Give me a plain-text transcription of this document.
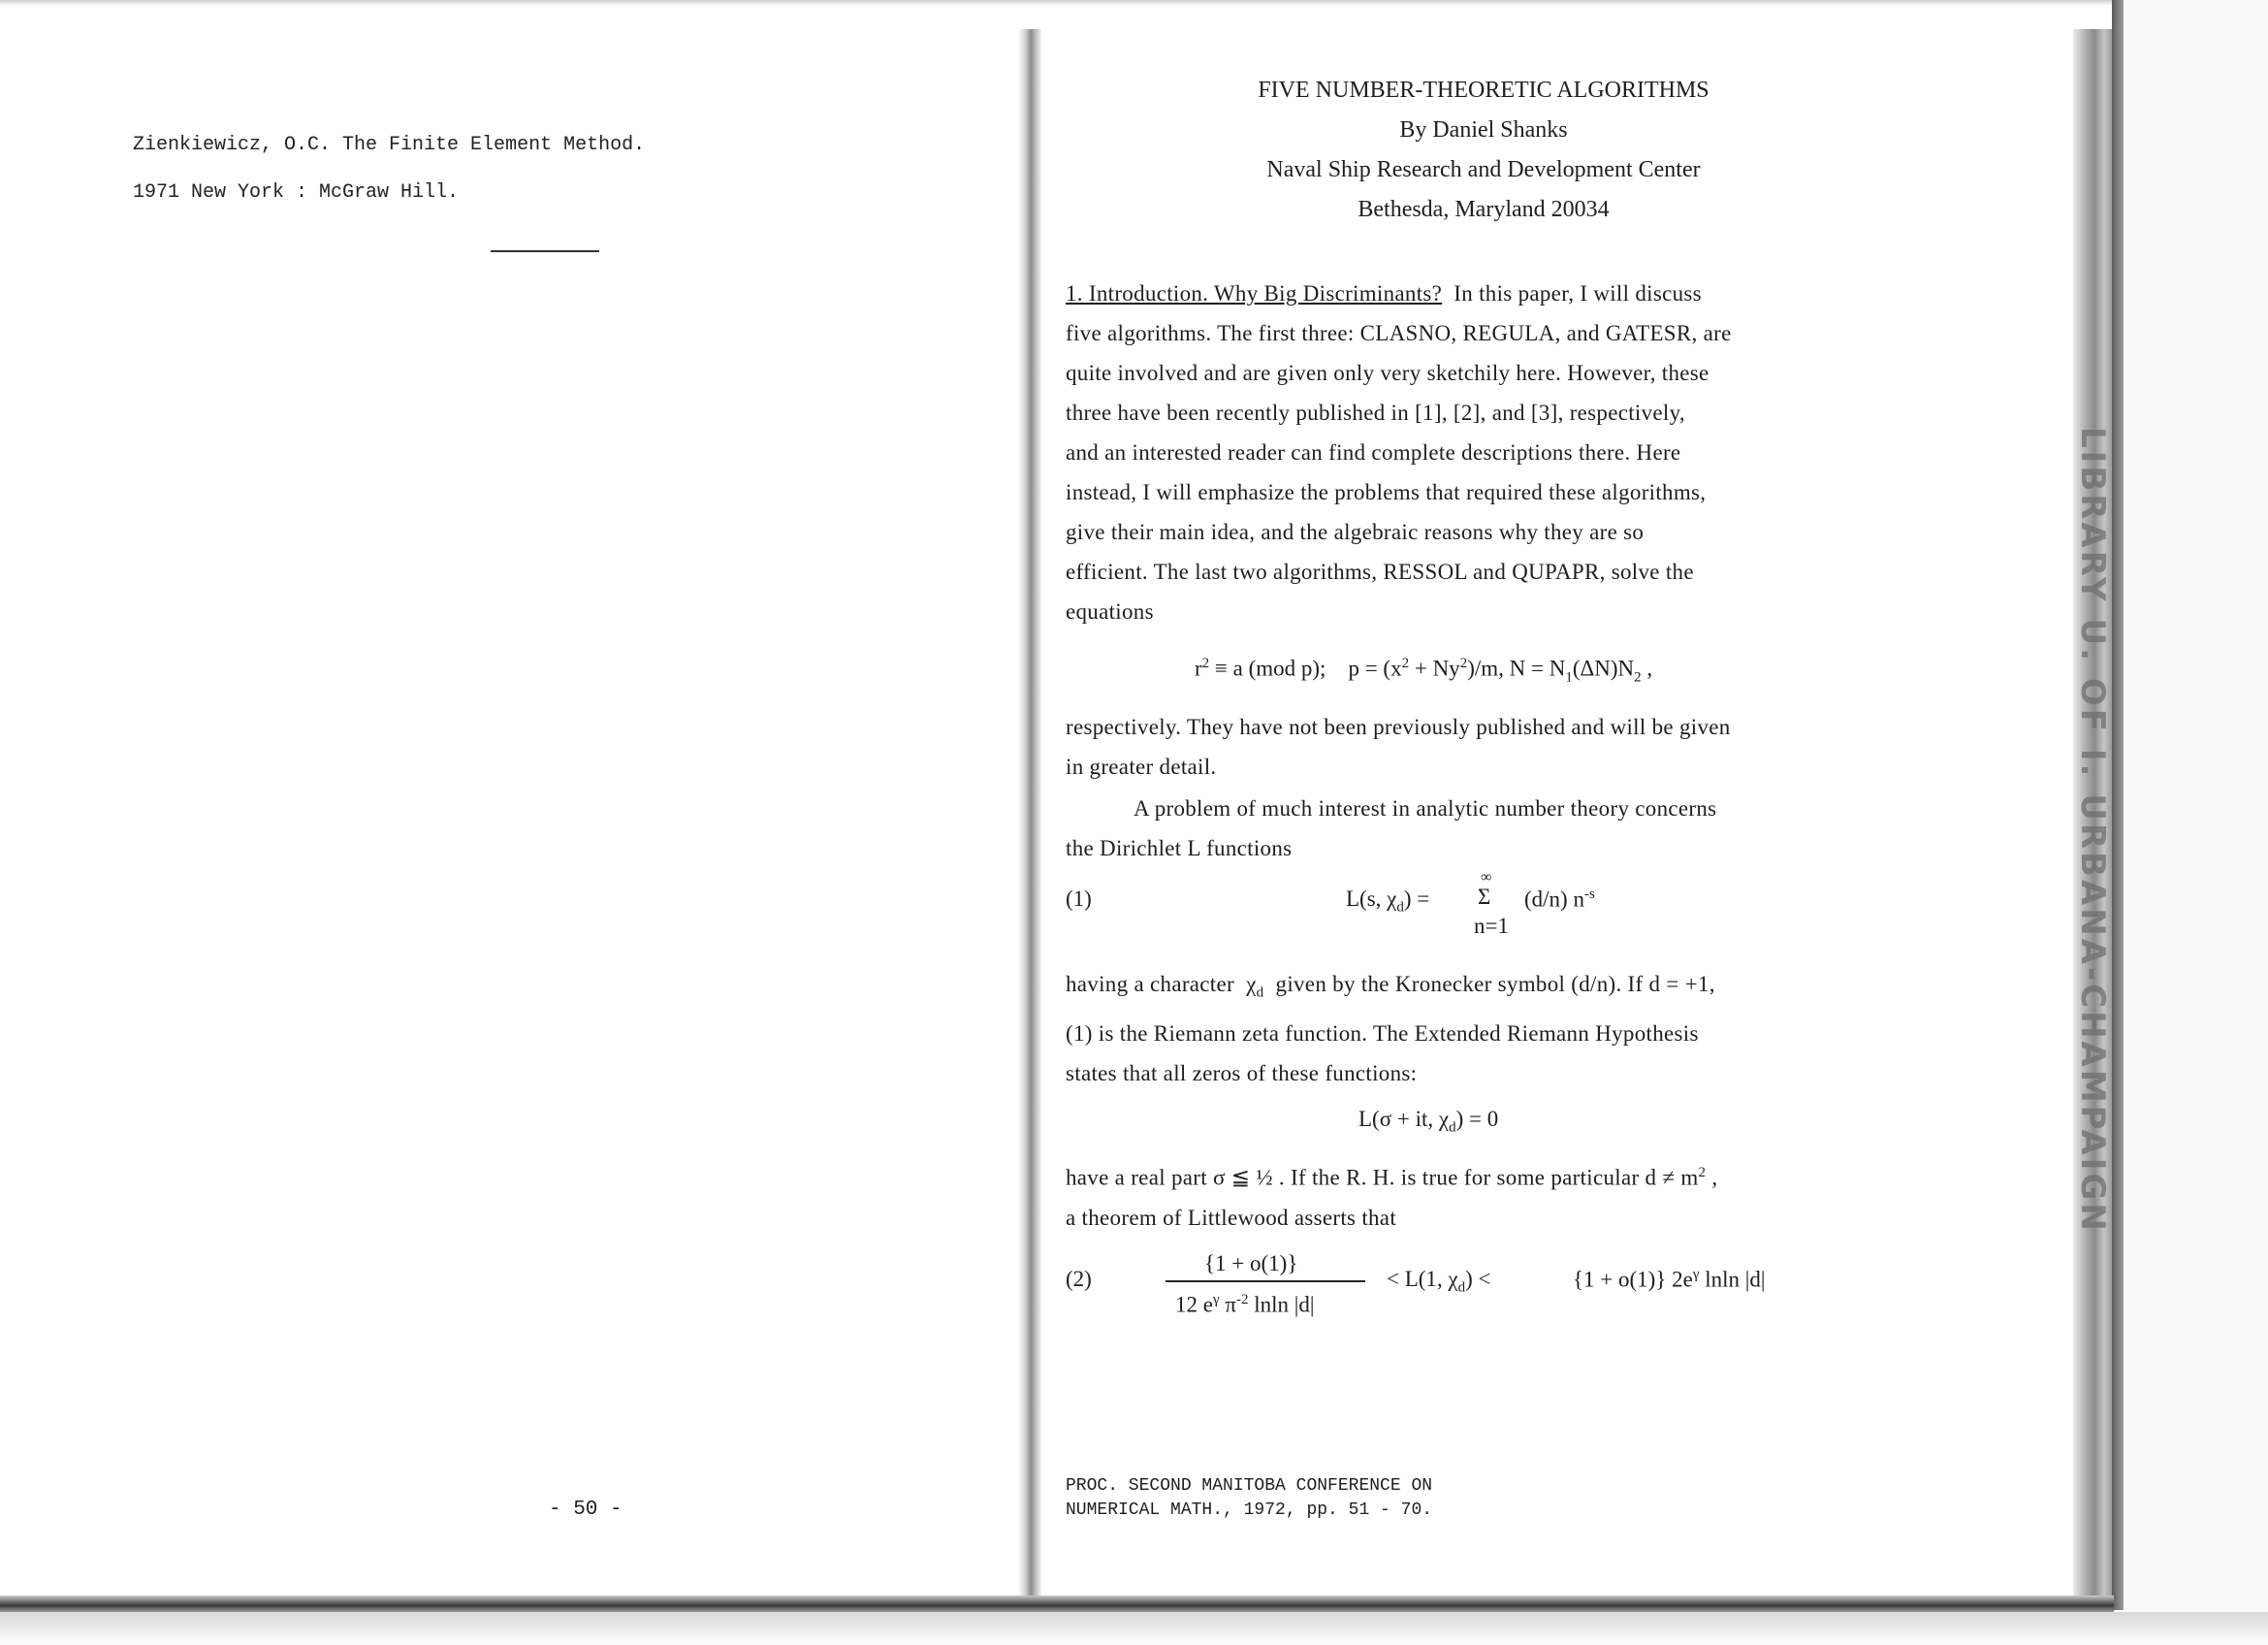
LIBRARY U. OF I. URBANA-CHAMPAIGN
Zienkiewicz, O.C. The Finite Element Method.
1971 New York : McGraw Hill.
- 50 -
FIVE NUMBER-THEORETIC ALGORITHMS
By Daniel Shanks
Naval Ship Research and Development Center
Bethesda, Maryland 20034

1. Introduction. Why Big Discriminants? In this paper, I will discuss

five algorithms. The first three: CLASNO, REGULA, and GATESR, are

quite involved and are given only very sketchily here. However, these

three have been recently published in [1], [2], and [3], respectively,

and an interested reader can find complete descriptions there. Here

instead, I will emphasize the problems that required these algorithms,

give their main idea, and the algebraic reasons why they are so

efficient. The last two algorithms, RESSOL and QUPAPR, solve the

equations

$r^2 \equiv a$ (mod p); $p = (x^2 + Ny^2)/m$, $N = N_1(\Delta N)N_2$ ,

respectively. They have not been previously published and will be given

in greater detail.

A problem of much interest in analytic number theory concerns

the Dirichlet L functions

(1)	L(s, $\chi_d$) =
∞
Σ
n=1
(d/n) $n^{-s}$

having a character $\chi_d$ given by the Kronecker symbol (d/n). If d = +1,

(1) is the Riemann zeta function. The Extended Riemann Hypothesis

states that all zeros of these functions:

L(σ + it, $\chi_d) = 0$

have a real part σ ≦ ½ . If the R. H. is true for some particular $d \ne m^2$ ,

a theorem of Littlewood asserts that

(2)
{1 + o(1)}
12 $e^\gamma$ $\pi^{-2}$ lnln |d|
< L(1, $\chi_d$) <	{1 + o(1)} $2e^\gamma$ lnln |d|
PROC. SECOND MANITOBA CONFERENCE ON
NUMERICAL MATH., 1972, pp. 51 - 70.
